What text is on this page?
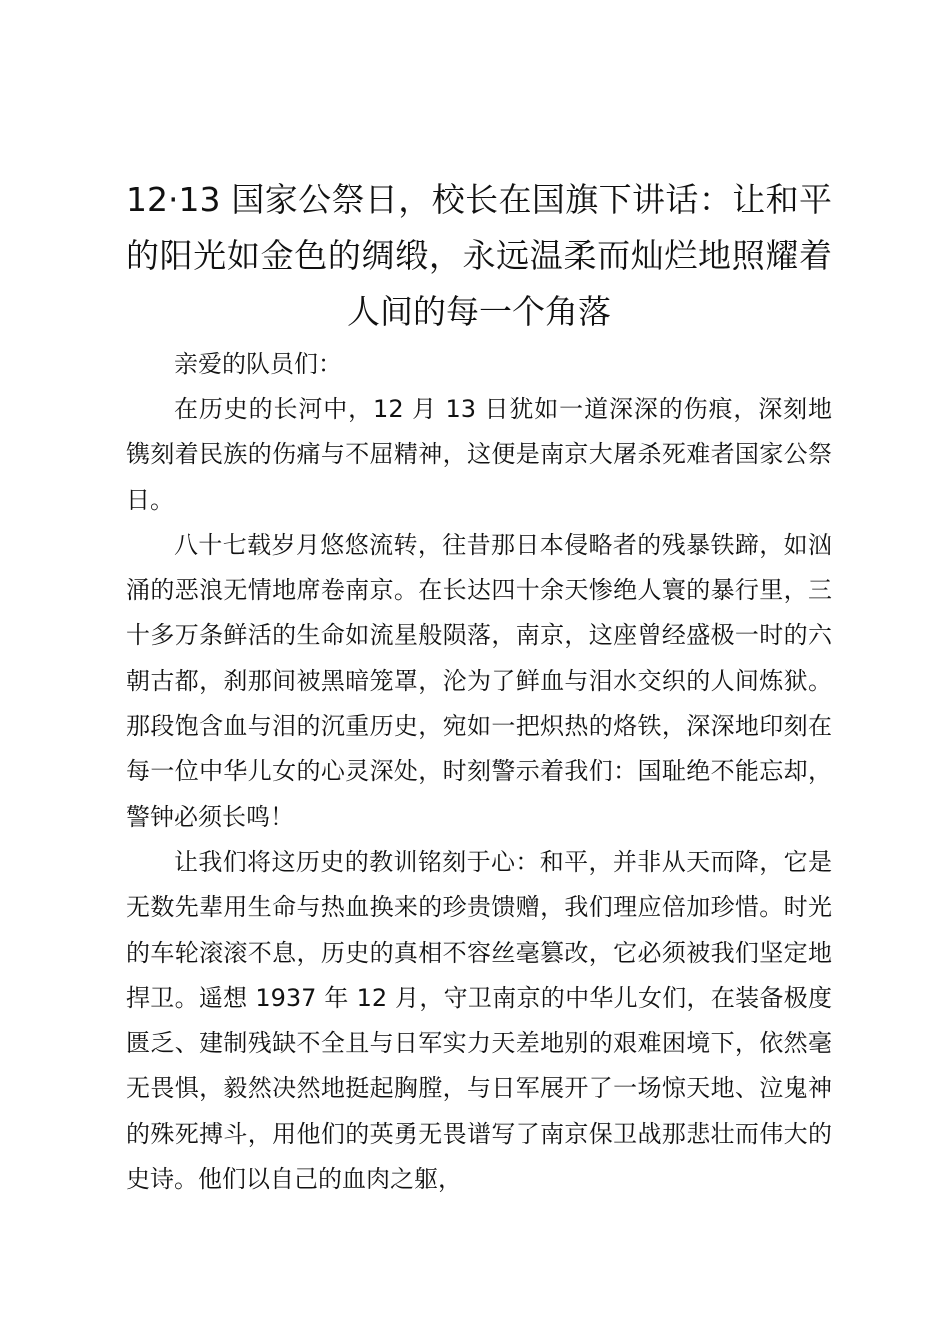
12·13 国家公祭日，校长在国旗下讲话：让和平的阳光如金色的绸缎，永远温柔而灿烂地照耀着人间的每一个角落

亲爱的队员们：

在历史的长河中，12 月 13 日犹如一道深深的伤痕，深刻地镌刻着民族的伤痛与不屈精神，这便是南京大屠杀死难者国家公祭日。

八十七载岁月悠悠流转，往昔那日本侵略者的残暴铁蹄，如汹涌的恶浪无情地席卷南京。在长达四十余天惨绝人寰的暴行里，三十多万条鲜活的生命如流星般陨落，南京，这座曾经盛极一时的六朝古都，刹那间被黑暗笼罩，沦为了鲜血与泪水交织的人间炼狱。那段饱含血与泪的沉重历史，宛如一把炽热的烙铁，深深地印刻在每一位中华儿女的心灵深处，时刻警示着我们：国耻绝不能忘却，警钟必须长鸣！

让我们将这历史的教训铭刻于心：和平，并非从天而降，它是无数先辈用生命与热血换来的珍贵馈赠，我们理应倍加珍惜。时光的车轮滚滚不息，历史的真相不容丝毫篡改，它必须被我们坚定地捍卫。遥想 1937 年 12 月，守卫南京的中华儿女们，在装备极度匮乏、建制残缺不全且与日军实力天差地别的艰难困境下，依然毫无畏惧，毅然决然地挺起胸膛，与日军展开了一场惊天地、泣鬼神的殊死搏斗，用他们的英勇无畏谱写了南京保卫战那悲壮而伟大的史诗。他们以自己的血肉之躯，
